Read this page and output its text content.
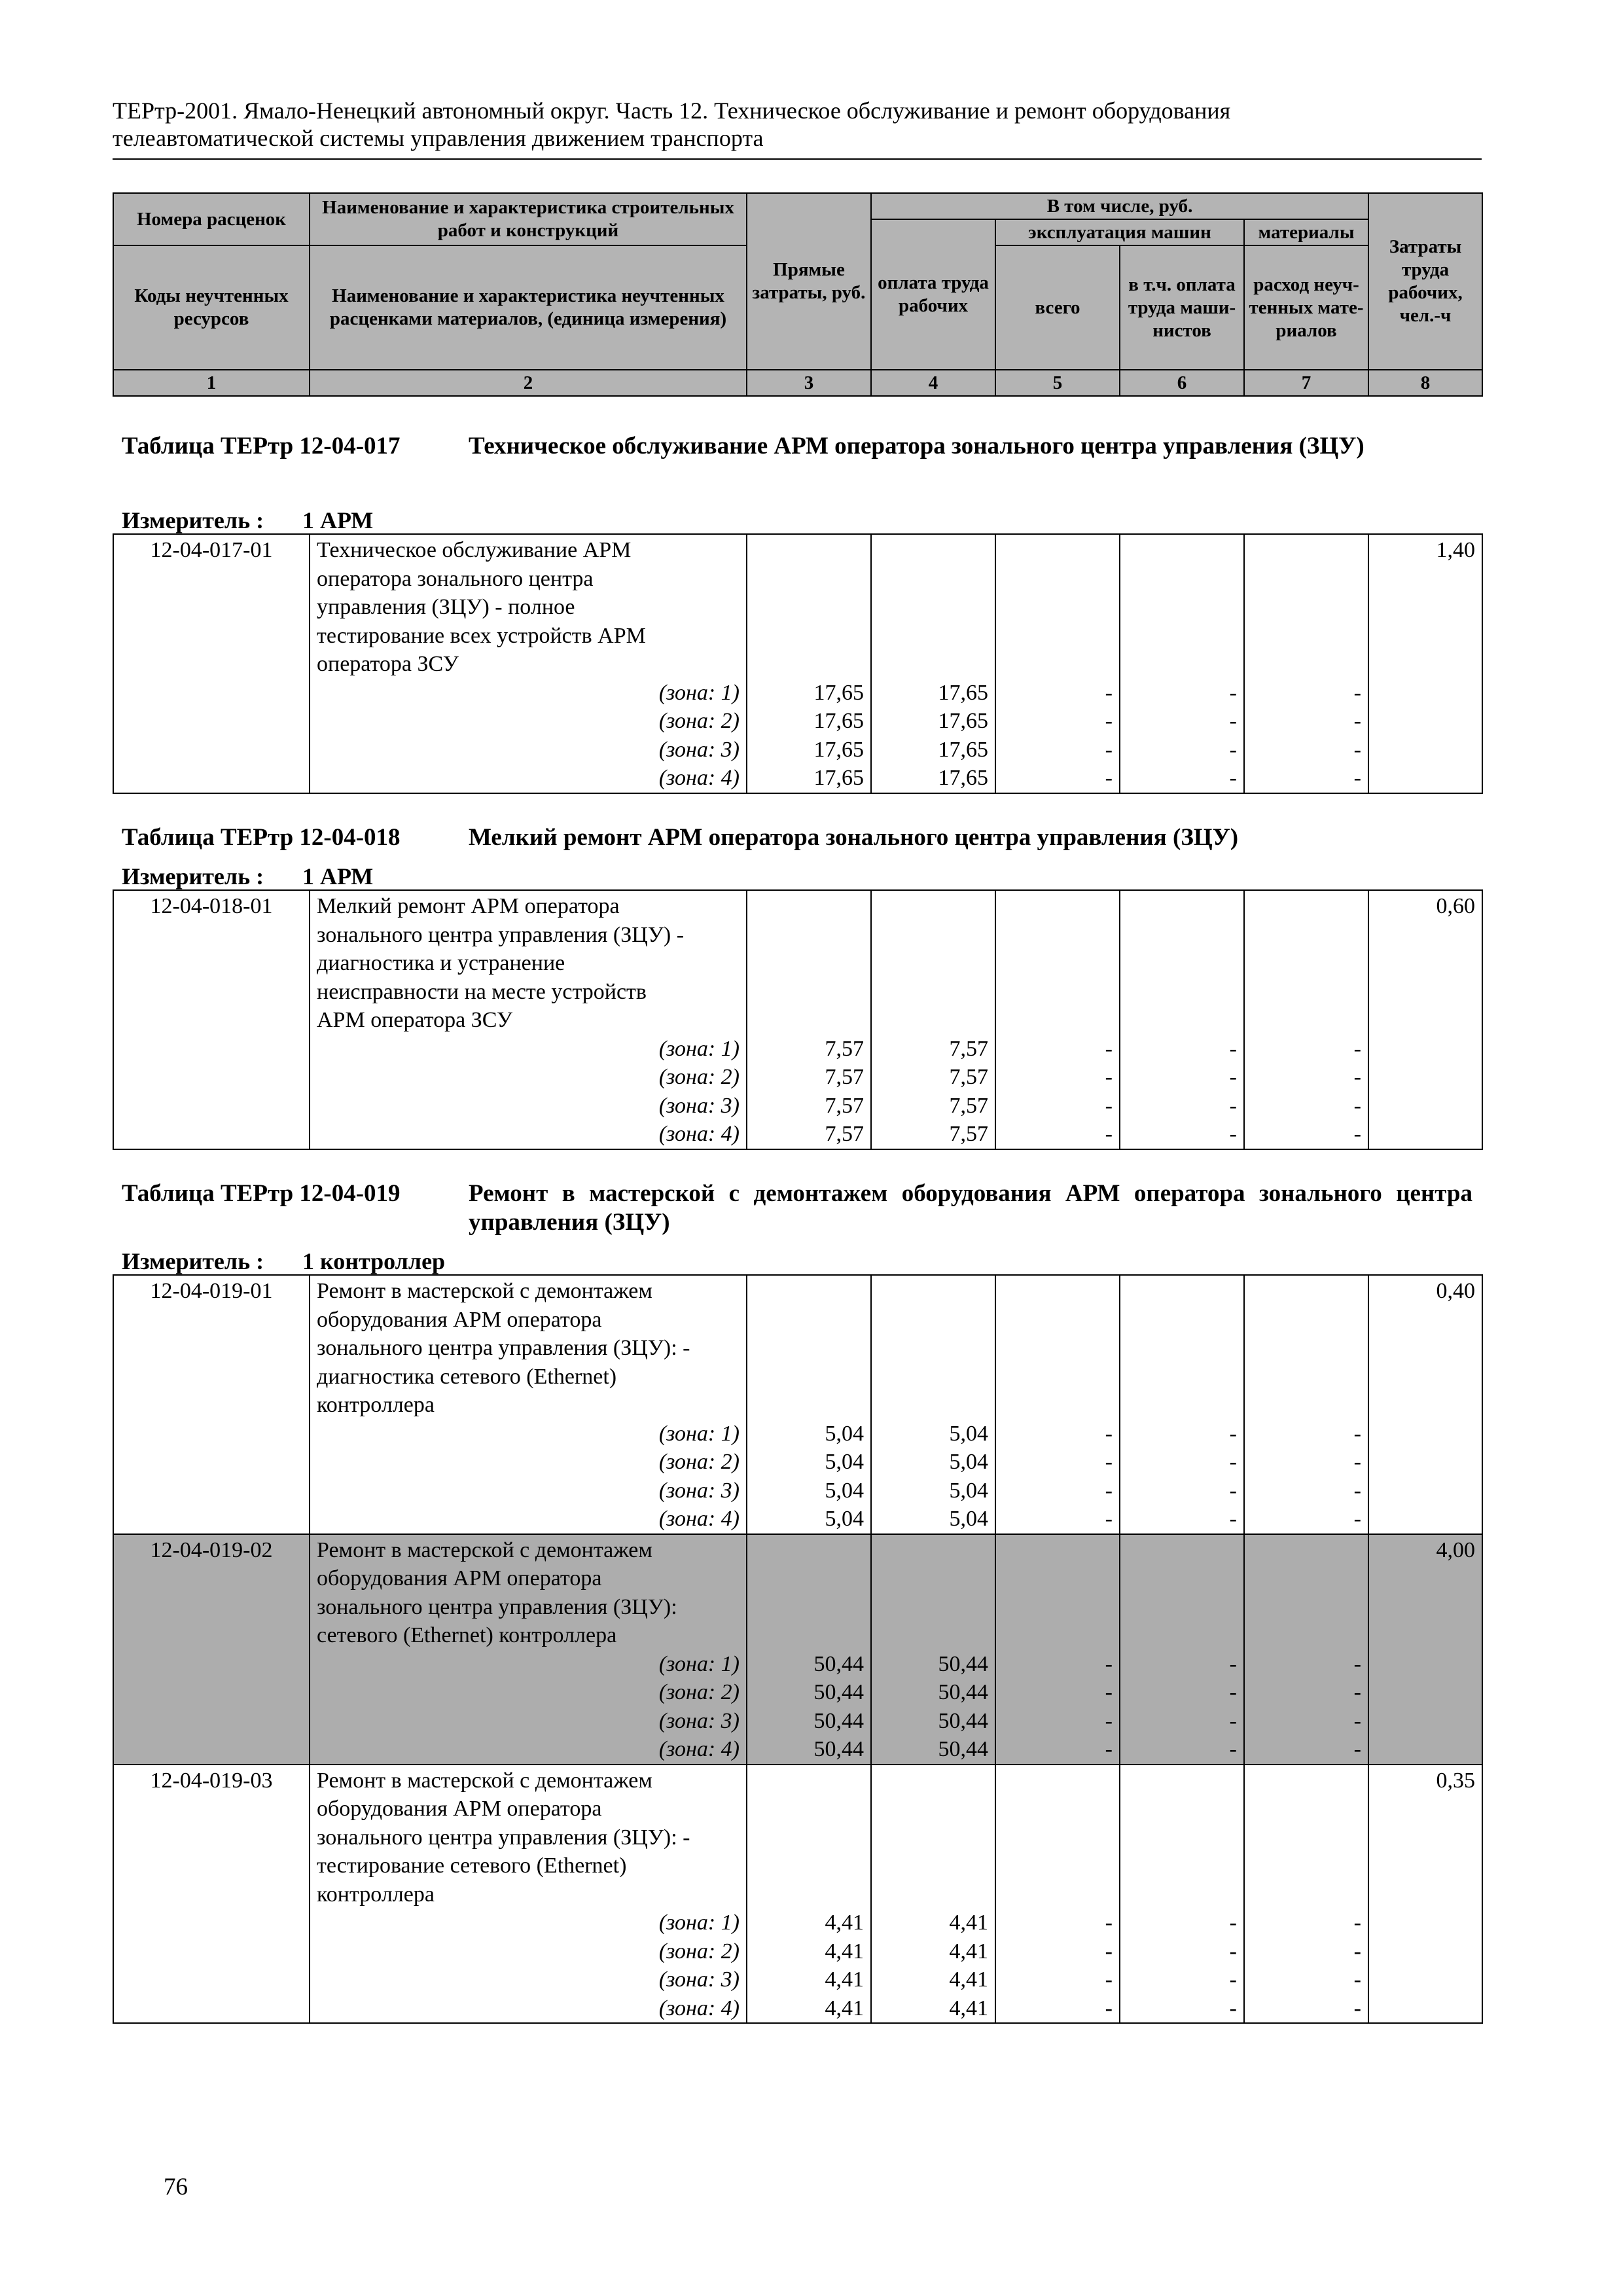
ТЕРтр-2001. Ямало-Ненецкий автономный округ. Часть 12. Техническое обслуживание и ремонт оборудования
телеавтоматической системы управления движением транспорта
Номера расценок	Наименование и характеристика строительных работ и конструкций	Прямые затраты, руб.	В том числе, руб.				Затраты труда рабочих, чел.-ч
			оплата труда рабочих	эксплуатация машин		материалы	
Коды неучтенных ресурсов	Наименование и характеристика неучтенных расценками материалов, (единица измерения)			всего	в т.ч. оплата труда маши-нистов	расход неуч-тенных мате-риалов	

1	2	3	4	5	6	7	8
Таблица ТЕРтр 12-04-017	Техническое обслуживание АРМ оператора зонального центра управления (ЗЦУ)
Измеритель : 1 АРМ
12-04-017-01	Техническое обслуживание АРМ						1,40
	оператора зонального центра						
	управления (ЗЦУ) - полное						
	тестирование всех устройств АРМ						
	оператора ЗСУ						
	(зона: 1)	17,65	17,65	-	-	-	
	(зона: 2)	17,65	17,65	-	-	-	
	(зона: 3)	17,65	17,65	-	-	-	
	(зона: 4)	17,65	17,65	-	-	-	
Таблица ТЕРтр 12-04-018	Мелкий ремонт АРМ оператора зонального центра управления (ЗЦУ)
Измеритель : 1 АРМ
12-04-018-01	Мелкий ремонт АРМ оператора						0,60
	зонального центра управления (ЗЦУ) -						
	диагностика и устранение						
	неисправности на месте устройств						
	АРМ оператора ЗСУ						
	(зона: 1)	7,57	7,57	-	-	-	
	(зона: 2)	7,57	7,57	-	-	-	
	(зона: 3)	7,57	7,57	-	-	-	
	(зона: 4)	7,57	7,57	-	-	-	
Таблица ТЕРтр 12-04-019	Ремонт в мастерской с демонтажем оборудования АРМ оператора зонального центра управления (ЗЦУ)
Измеритель : 1 контроллер
12-04-019-01	Ремонт в мастерской с демонтажем						0,40
	оборудования АРМ оператора						
	зонального центра управления (ЗЦУ): -						
	диагностика сетевого (Ethernet)						
	контроллера						
	(зона: 1)	5,04	5,04	-	-	-	
	(зона: 2)	5,04	5,04	-	-	-	
	(зона: 3)	5,04	5,04	-	-	-	
	(зона: 4)	5,04	5,04	-	-	-	
12-04-019-02	Ремонт в мастерской с демонтажем						4,00
	оборудования АРМ оператора						
	зонального центра управления (ЗЦУ):						
	сетевого (Ethernet) контроллера						
	(зона: 1)	50,44	50,44	-	-	-	
	(зона: 2)	50,44	50,44	-	-	-	
	(зона: 3)	50,44	50,44	-	-	-	
	(зона: 4)	50,44	50,44	-	-	-	
12-04-019-03	Ремонт в мастерской с демонтажем						0,35
	оборудования АРМ оператора						
	зонального центра управления (ЗЦУ): -						
	тестирование сетевого (Ethernet)						
	контроллера						
	(зона: 1)	4,41	4,41	-	-	-	
	(зона: 2)	4,41	4,41	-	-	-	
	(зона: 3)	4,41	4,41	-	-	-	
	(зона: 4)	4,41	4,41	-	-	-	
76
